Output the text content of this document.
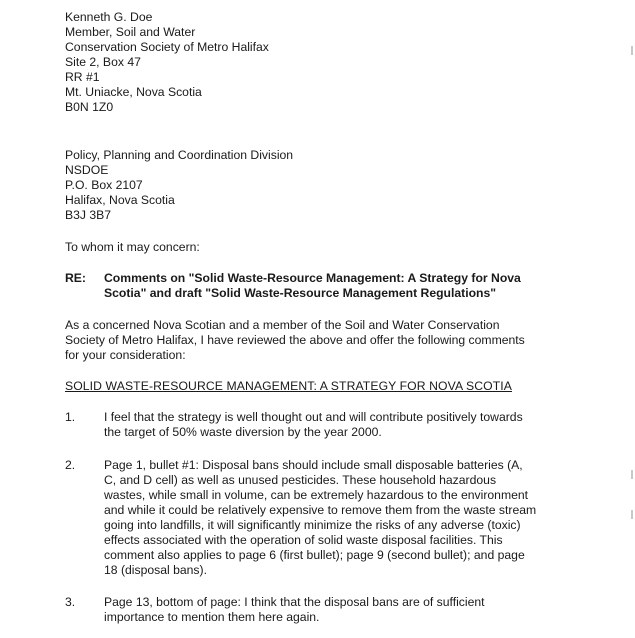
Kenneth G. Doe
Member, Soil and Water
Conservation Society of Metro Halifax
Site 2, Box 47
RR #1
Mt. Uniacke, Nova Scotia
B0N 1Z0
Policy, Planning and Coordination Division
NSDOE
P.O. Box 2107
Halifax, Nova Scotia
B3J 3B7
To whom it may concern:
RE: Comments on "Solid Waste-Resource Management: A Strategy for Nova
Scotia" and draft "Solid Waste-Resource Management Regulations"
As a concerned Nova Scotian and a member of the Soil and Water Conservation
Society of Metro Halifax, I have reviewed the above and offer the following comments
for your consideration:
SOLID WASTE-RESOURCE MANAGEMENT: A STRATEGY FOR NOVA SCOTIA
1. I feel that the strategy is well thought out and will contribute positively towards
the target of 50% waste diversion by the year 2000.
2. Page 1, bullet #1: Disposal bans should include small disposable batteries (A,
C, and D cell) as well as unused pesticides. These household hazardous
wastes, while small in volume, can be extremely hazardous to the environment
and while it could be relatively expensive to remove them from the waste stream
going into landfills, it will significantly minimize the risks of any adverse (toxic)
effects associated with the operation of solid waste disposal facilities. This
comment also applies to page 6 (first bullet); page 9 (second bullet); and page
18 (disposal bans).
3. Page 13, bottom of page: I think that the disposal bans are of sufficient
importance to mention them here again.
